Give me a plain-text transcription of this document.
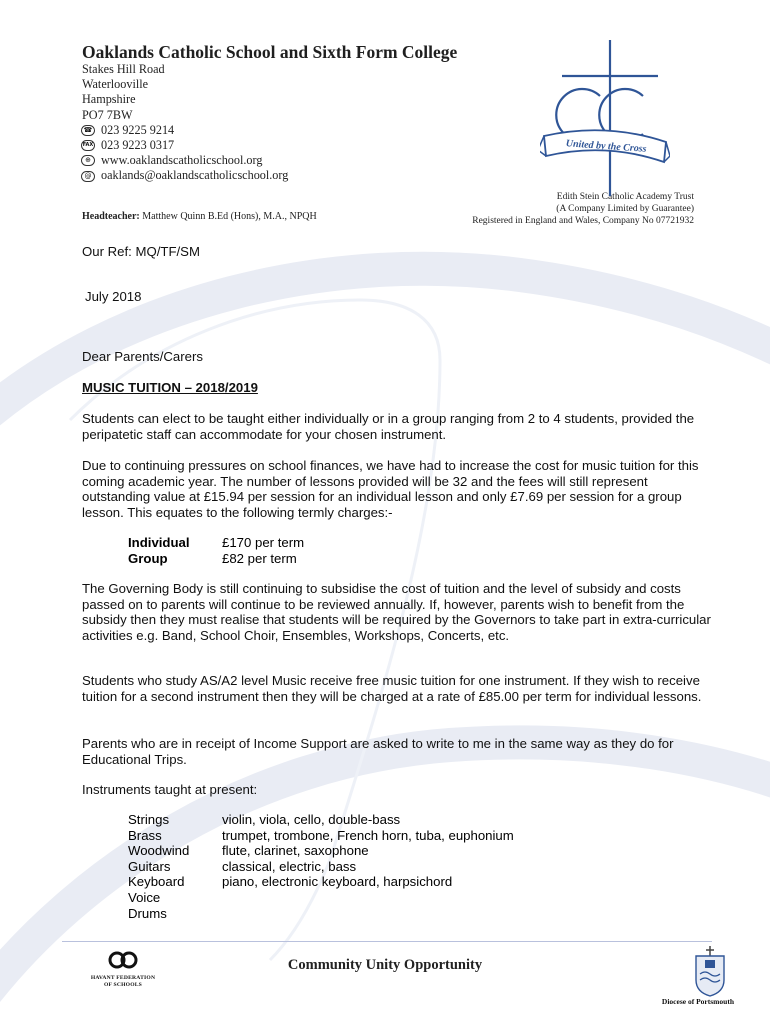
Oaklands Catholic School and Sixth Form College
Stakes Hill Road
Waterlooville
Hampshire
PO7 7BW
☎ 023 9225 9214
FAX 023 9223 0317
⊕ www.oaklandscatholicschool.org
@ oaklands@oaklandscatholicschool.org
Headteacher: Matthew Quinn B.Ed (Hons), M.A., NPQH
Edith Stein Catholic Academy Trust
(A Company Limited by Guarantee)
Registered in England and Wales, Company No 07721932
United by the Cross
Our Ref: MQ/TF/SM
July 2018
Dear Parents/Carers
MUSIC TUITION – 2018/2019
Students can elect to be taught either individually or in a group ranging from 2 to 4 students, provided the peripatetic staff can accommodate for your chosen instrument.
Due to continuing pressures on school finances, we have had to increase the cost for music tuition for this coming academic year. The number of lessons provided will be 32 and the fees will still represent outstanding value at £15.94 per session for an individual lesson and only £7.69 per session for a group lesson. This equates to the following termly charges:-
Individual	£170 per term
Group	£82 per term
The Governing Body is still continuing to subsidise the cost of tuition and the level of subsidy and costs passed on to parents will continue to be reviewed annually. If, however, parents wish to benefit from the subsidy then they must realise that students will be required by the Governors to take part in extra-curricular activities e.g. Band, School Choir, Ensembles, Workshops, Concerts, etc.
Students who study AS/A2 level Music receive free music tuition for one instrument. If they wish to receive tuition for a second instrument then they will be charged at a rate of £85.00 per term for individual lessons.
Parents who are in receipt of Income Support are asked to write to me in the same way as they do for Educational Trips.
Instruments taught at present:
Strings	violin, viola, cello, double-bass
Brass	trumpet, trombone, French horn, tuba, euphonium
Woodwind	flute, clarinet, saxophone
Guitars	classical, electric, bass
Keyboard	piano, electronic keyboard, harpsichord
Voice
Drums
HAVANT FEDERATION
OF SCHOOLS
Community Unity Opportunity
Diocese of Portsmouth
